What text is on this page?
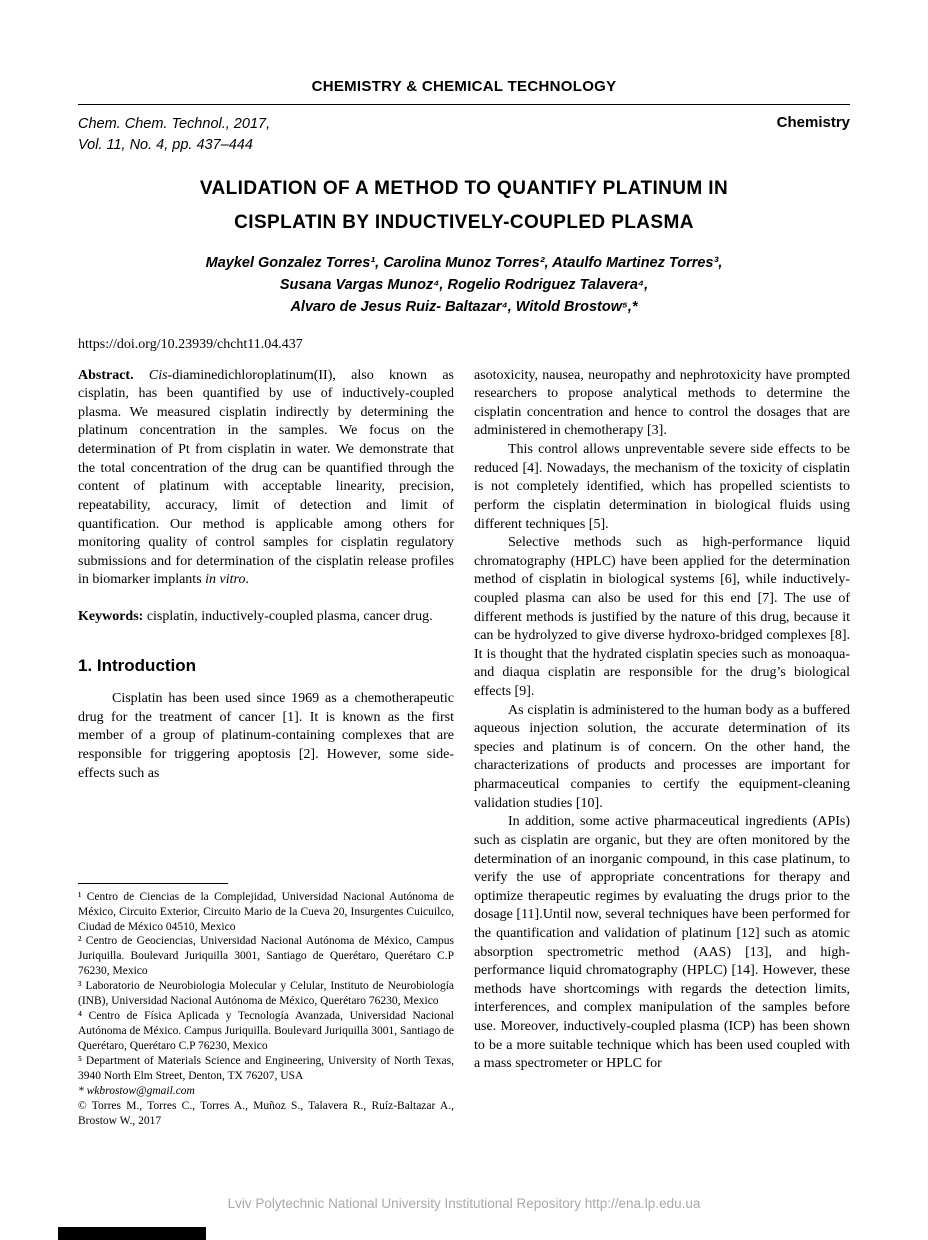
CHEMISTRY & CHEMICAL TECHNOLOGY
Chem. Chem. Technol., 2017,
Vol. 11, No. 4, pp. 437–444
Chemistry
VALIDATION OF A METHOD TO QUANTIFY PLATINUM IN
CISPLATIN BY INDUCTIVELY-COUPLED PLASMA
Maykel Gonzalez Torres¹, Carolina Munoz Torres², Ataulfo Martinez Torres³,
Susana Vargas Munoz⁴, Rogelio Rodriguez Talavera⁴,
Alvaro de Jesus Ruiz- Baltazar⁴, Witold Brostow⁵,*
https://doi.org/10.23939/chcht11.04.437

Abstract. Cis-diaminedichloroplatinum(II), also known as cisplatin, has been quantified by use of inductively-coupled plasma. We measured cisplatin indirectly by determining the platinum concentration in the samples. We focus on the determination of Pt from cisplatin in water. We demonstrate that the total concentration of the drug can be quantified through the content of platinum with acceptable linearity, precision, repeatability, accuracy, limit of detection and limit of quantification. Our method is applicable among others for monitoring quality of control samples for cisplatin regulatory submissions and for determination of the cisplatin release profiles in biomarker implants in vitro.

Keywords: cisplatin, inductively-coupled plasma, cancer drug.

1. Introduction

Cisplatin has been used since 1969 as a chemotherapeutic drug for the treatment of cancer [1]. It is known as the first member of a group of platinum-containing complexes that are responsible for triggering apoptosis [2]. However, some side-effects such as

¹ Centro de Ciencias de la Complejidad, Universidad Nacional Autónoma de México, Circuito Exterior, Circuito Mario de la Cueva 20, Insurgentes Cuicuilco, Ciudad de México 04510, Mexico

² Centro de Geociencias, Universidad Nacional Autónoma de México, Campus Juriquilla. Boulevard Juriquilla 3001, Santiago de Querétaro, Querétaro C.P 76230, Mexico

³ Laboratorio de Neurobiologia Molecular y Celular, Instituto de Neurobiología (INB), Universidad Nacional Autónoma de México, Querétaro 76230, Mexico

⁴ Centro de Física Aplicada y Tecnología Avanzada, Universidad Nacional Autónoma de México. Campus Juriquilla. Boulevard Juriquilla 3001, Santiago de Querétaro, Querétaro C.P 76230, Mexico

⁵ Department of Materials Science and Engineering, University of North Texas, 3940 North Elm Street, Denton, TX 76207, USA

* wkbrostow@gmail.com

© Torres M., Torres C., Torres A., Muñoz S., Talavera R., Ruíz-Baltazar A., Brostow W., 2017

asotoxicity, nausea, neuropathy and nephrotoxicity have prompted researchers to propose analytical methods to determine the cisplatin concentration and hence to control the dosages that are administered in chemotherapy [3].

This control allows unpreventable severe side effects to be reduced [4]. Nowadays, the mechanism of the toxicity of cisplatin is not completely identified, which has propelled scientists to perform the cisplatin determination in biological fluids using different techniques [5].

Selective methods such as high-performance liquid chromatography (HPLC) have been applied for the determination method of cisplatin in biological systems [6], while inductively-coupled plasma can also be used for this end [7]. The use of different methods is justified by the nature of this drug, because it can be hydrolyzed to give diverse hydroxo-bridged complexes [8]. It is thought that the hydrated cisplatin species such as monoaqua- and diaqua cisplatin are responsible for the drug’s biological effects [9].

As cisplatin is administered to the human body as a buffered aqueous injection solution, the accurate determination of its species and platinum is of concern. On the other hand, the characterizations of products and processes are important for pharmaceutical companies to certify the equipment-cleaning validation studies [10].

In addition, some active pharmaceutical ingredients (APIs) such as cisplatin are organic, but they are often monitored by the determination of an inorganic compound, in this case platinum, to verify the use of appropriate concentrations for therapy and optimize therapeutic regimes by evaluating the drugs prior to the dosage [11].Until now, several techniques have been performed for the quantification and validation of platinum [12] such as atomic absorption spectrometric method (AAS) [13], and high-performance liquid chromatography (HPLC) [14]. However, these methods have shortcomings with regards the detection limits, interferences, and complex manipulation of the samples before use. Moreover, inductively-coupled plasma (ICP) has been shown to be a more suitable technique which has been used coupled with a mass spectrometer or HPLC for

Lviv Polytechnic National University Institutional Repository http://ena.lp.edu.ua
